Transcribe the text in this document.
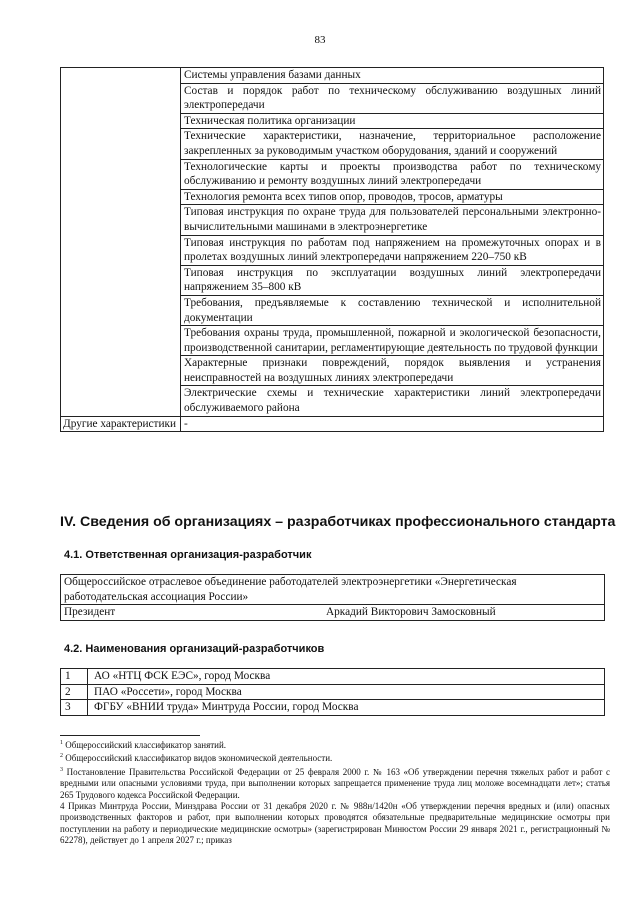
83
	Системы управления базами данных
	Состав и порядок работ по техническому обслуживанию воздушных линий электропередачи
	Техническая политика организации
	Технические характеристики, назначение, территориальное расположение закрепленных за руководимым участком оборудования, зданий и сооружений
	Технологические карты и проекты производства работ по техническому обслуживанию и ремонту воздушных линий электропередачи
	Технология ремонта всех типов опор, проводов, тросов, арматуры
	Типовая инструкция по охране труда для пользователей персональными электронно-вычислительными машинами в электроэнергетике
	Типовая инструкция по работам под напряжением на промежуточных опорах и в пролетах воздушных линий электропередачи напряжением 220–750 кВ
	Типовая инструкция по эксплуатации воздушных линий электропередачи напряжением 35–800 кВ
	Требования, предъявляемые к составлению технической и исполнительной документации
	Требования охраны труда, промышленной, пожарной и экологической безопасности, производственной санитарии, регламентирующие деятельность по трудовой функции
	Характерные признаки повреждений, порядок выявления и устранения неисправностей на воздушных линиях электропередачи
	Электрические схемы и технические характеристики линий электропередачи обслуживаемого района
Другие характеристики	-
IV. Сведения об организациях – разработчиках профессионального стандарта
4.1. Ответственная организация-разработчик
Общероссийское отраслевое объединение работодателей электроэнергетики «Энергетическая работодательская ассоциация России»
Президент	Аркадий Викторович Замосковный
4.2. Наименования организаций-разработчиков
1	АО «НТЦ ФСК ЕЭС», город Москва
2	ПАО «Россети», город Москва
3	ФГБУ «ВНИИ труда» Минтруда России, город Москва

$^1$ Общероссийский классификатор занятий.

$^2$ Общероссийский классификатор видов экономической деятельности.

$^3$ Постановление Правительства Российской Федерации от 25 февраля 2000 г. № 163 «Об утверждении перечня тяжелых работ и работ с вредными или опасными условиями труда, при выполнении которых запрещается применение труда лиц моложе восемнадцати лет»; статья 265 Трудового кодекса Российской Федерации.

4 Приказ Минтруда России, Минздрава России от 31 декабря 2020 г. № 988н/1420н «Об утверждении перечня вредных и (или) опасных производственных факторов и работ, при выполнении которых проводятся обязательные предварительные медицинские осмотры при поступлении на работу и периодические медицинские осмотры» (зарегистрирован Минюстом России 29 января 2021 г., регистрационный № 62278), действует до 1 апреля 2027 г.; приказ
